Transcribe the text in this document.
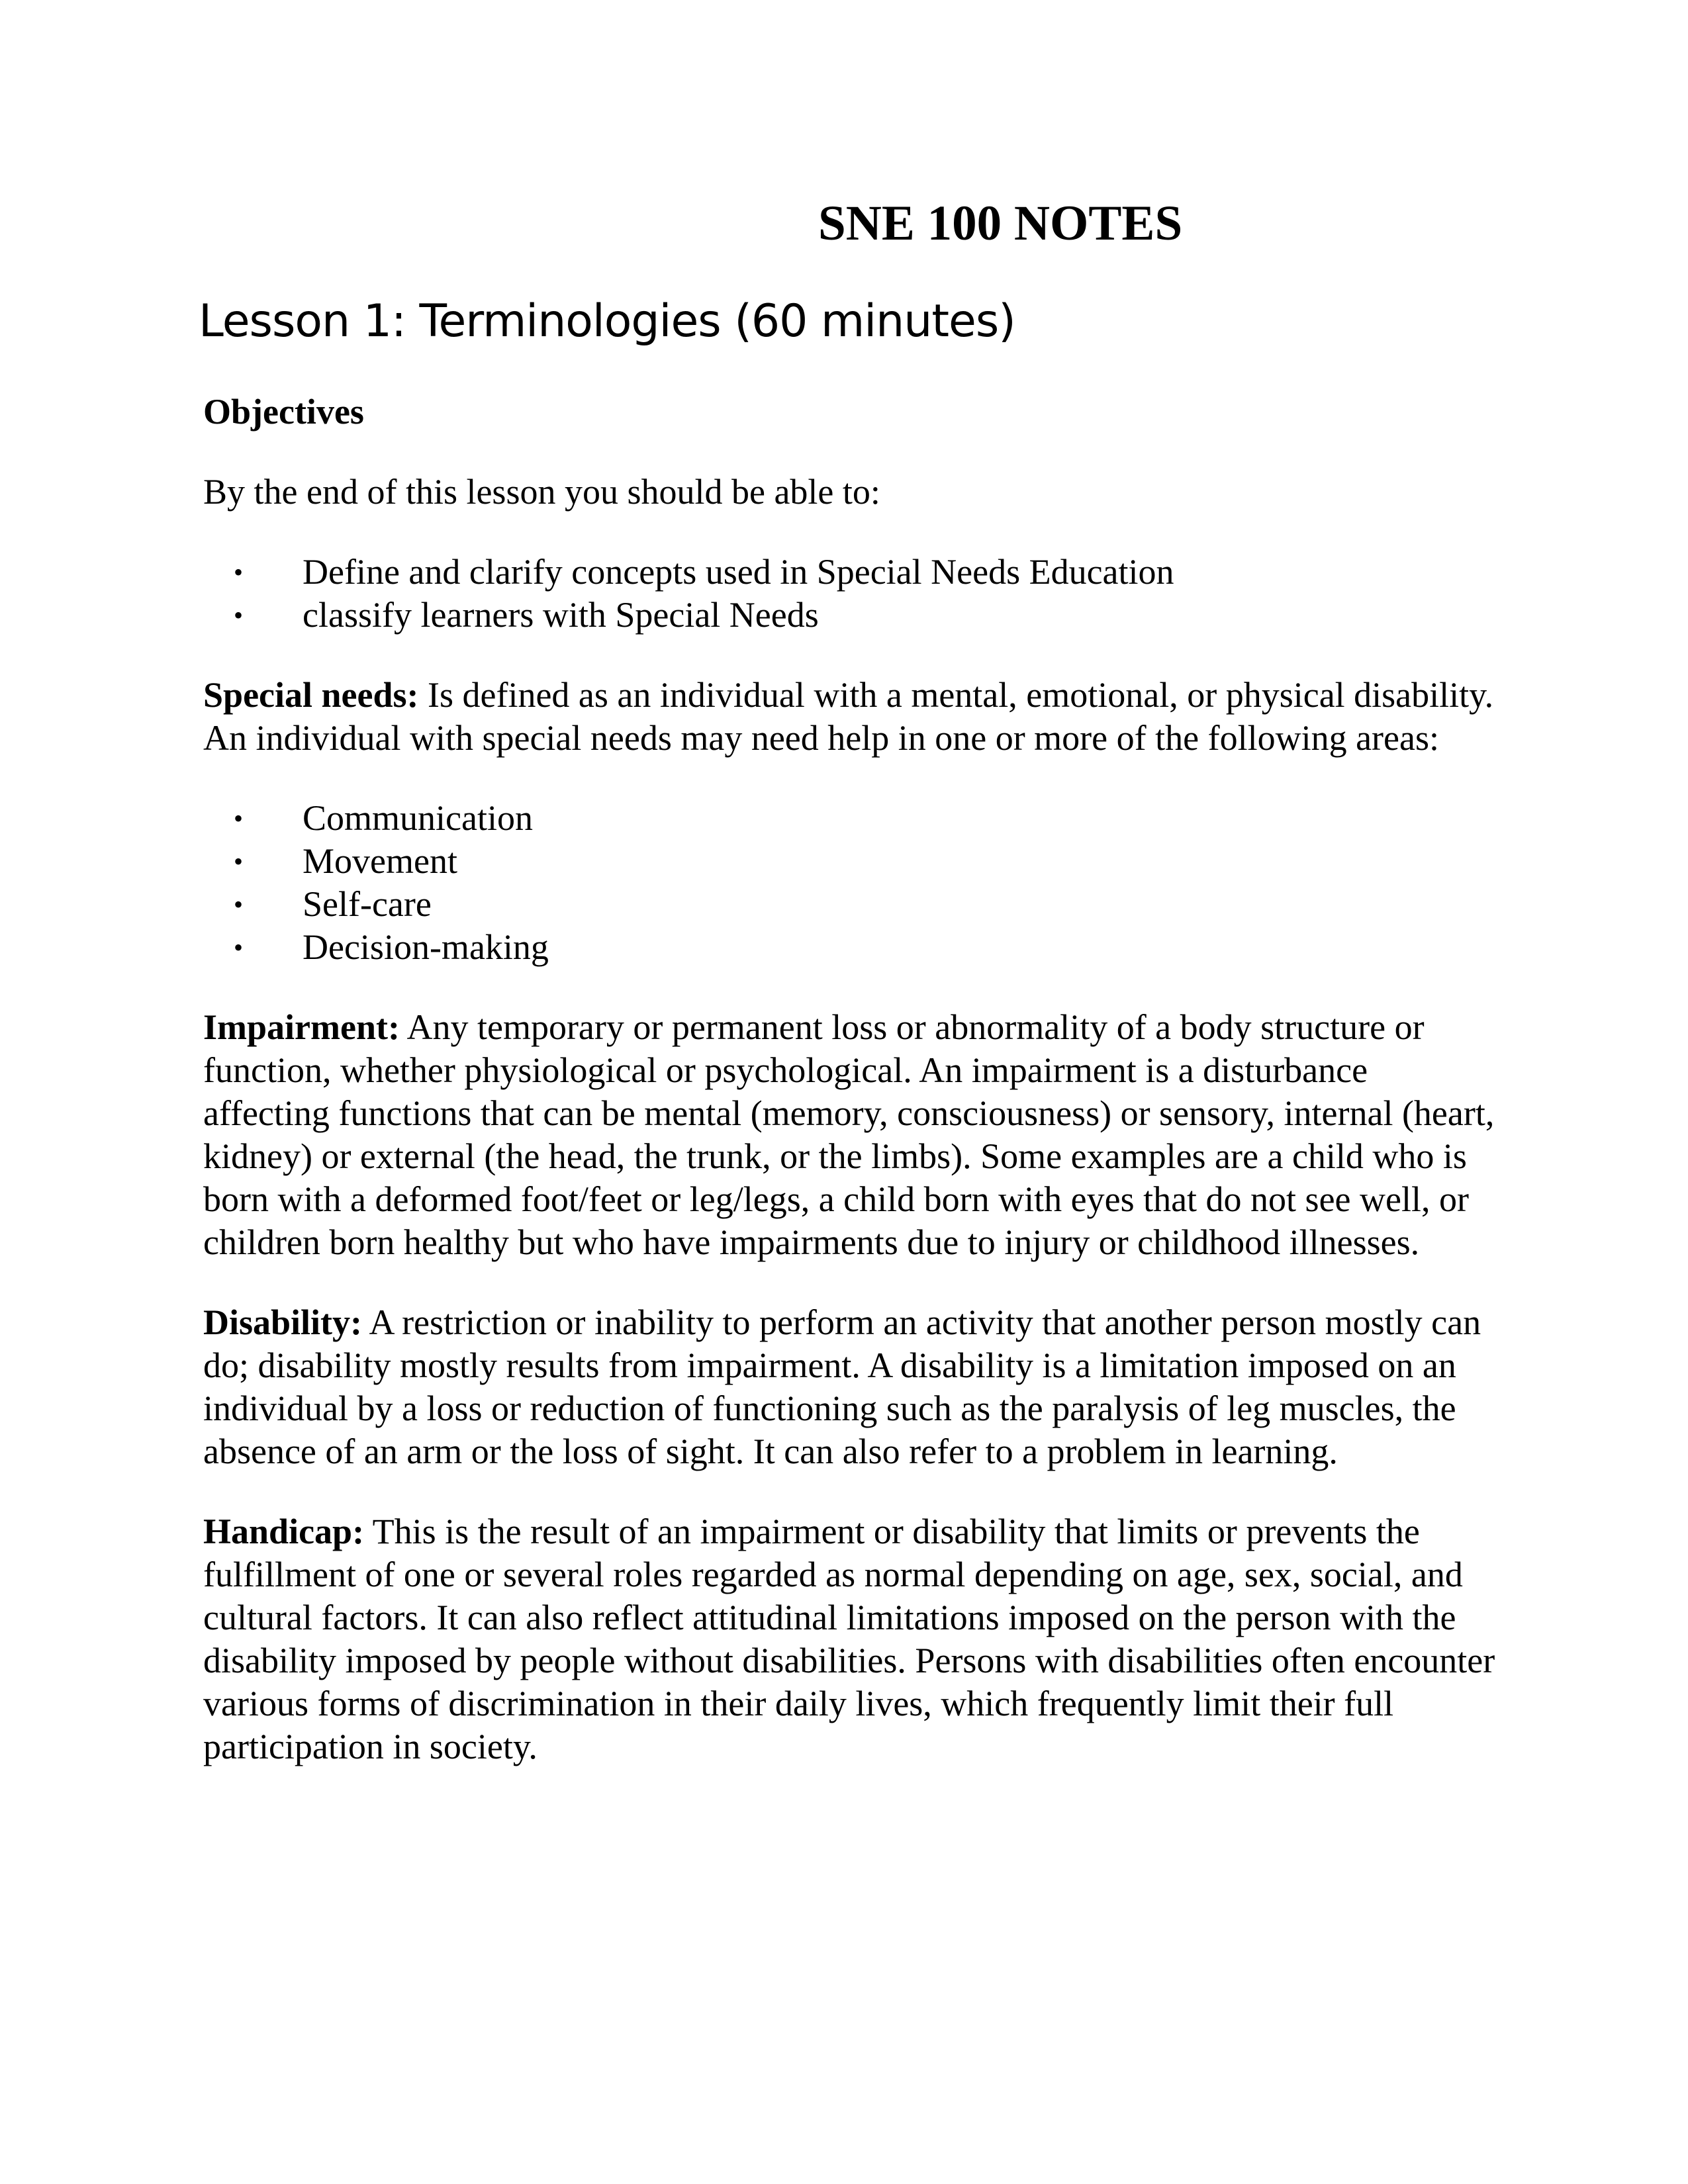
SNE 100 NOTES
Lesson 1: Terminologies (60 minutes)

Objectives

By the end of this lesson you should be able to:

• Define and clarify concepts used in Special Needs Education
• classify learners with Special Needs

Special needs: Is defined as an individual with a mental, emotional, or physical disability. An individual with special needs may need help in one or more of the following areas:

• Communication
• Movement
• Self-care
• Decision-making

Impairment: Any temporary or permanent loss or abnormality of a body structure or function, whether physiological or psychological. An impairment is a disturbance affecting functions that can be mental (memory, consciousness) or sensory, internal (heart, kidney) or external (the head, the trunk, or the limbs). Some examples are a child who is born with a deformed foot/feet or leg/legs, a child born with eyes that do not see well, or children born healthy but who have impairments due to injury or childhood illnesses.

Disability: A restriction or inability to perform an activity that another person mostly can do; disability mostly results from impairment. A disability is a limitation imposed on an individual by a loss or reduction of functioning such as the paralysis of leg muscles, the absence of an arm or the loss of sight. It can also refer to a problem in learning.

Handicap: This is the result of an impairment or disability that limits or prevents the fulfillment of one or several roles regarded as normal depending on age, sex, social, and cultural factors. It can also reflect attitudinal limitations imposed on the person with the disability imposed by people without disabilities. Persons with disabilities often encounter various forms of discrimination in their daily lives, which frequently limit their full participation in society.
